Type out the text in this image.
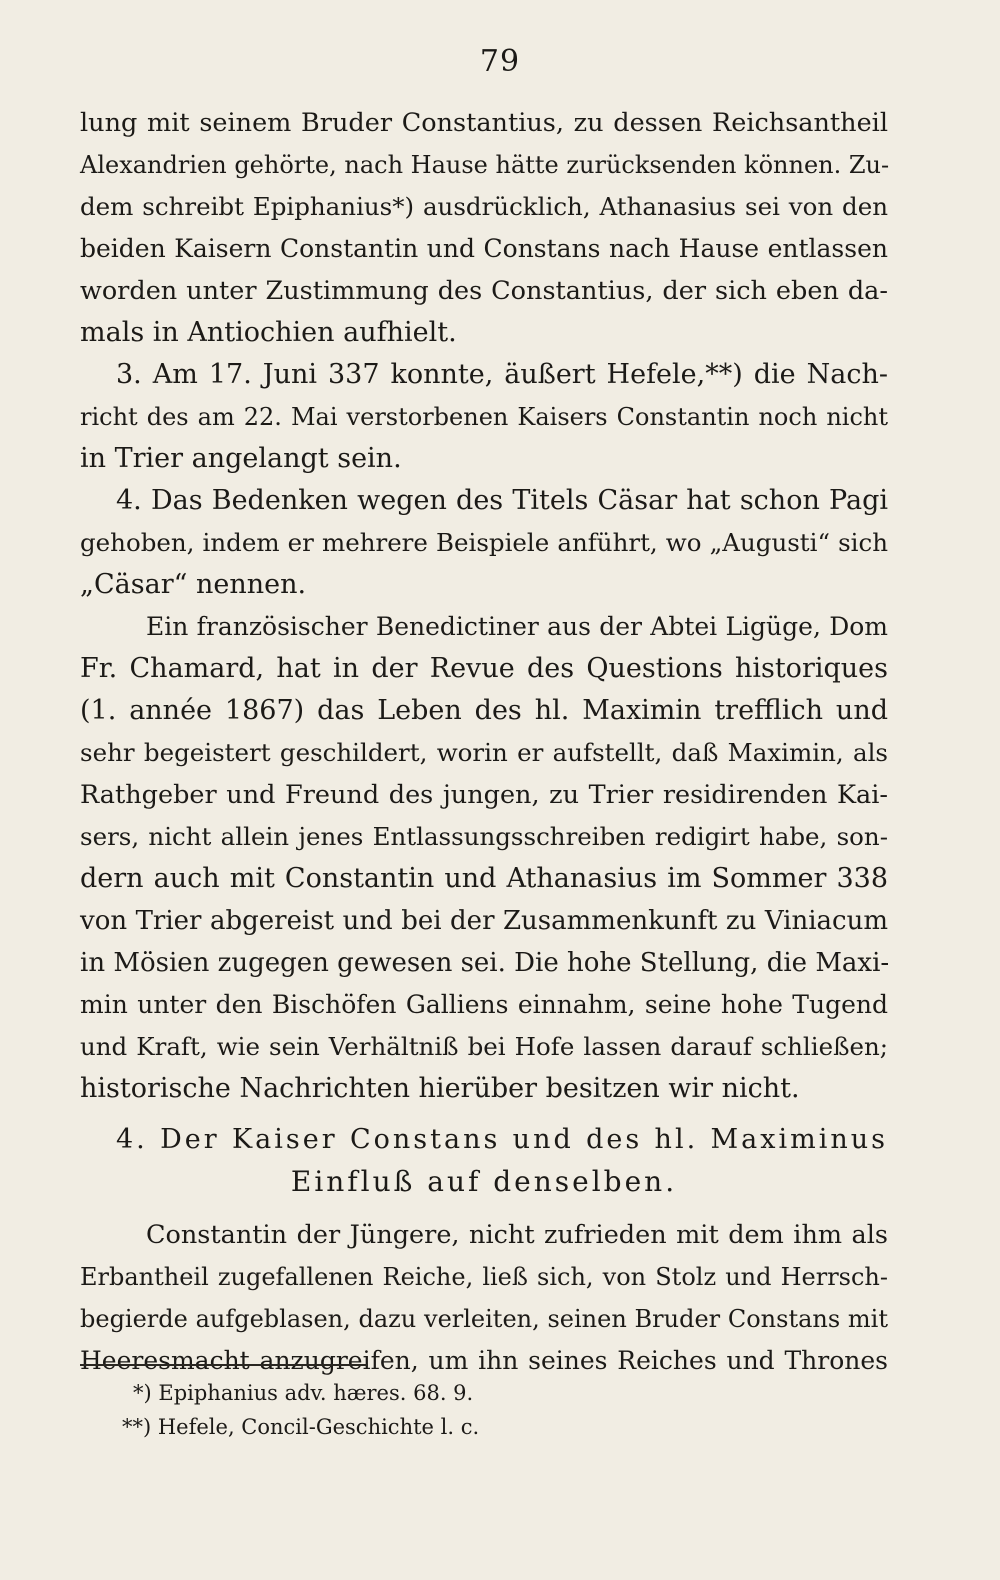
79

lung mit seinem Bruder Constantius, zu dessen Reichsantheil

Alexandrien gehörte, nach Hause hätte zurücksenden können. Zu-

dem schreibt Epiphanius*) ausdrücklich, Athanasius sei von den

beiden Kaisern Constantin und Constans nach Hause entlassen

worden unter Zustimmung des Constantius, der sich eben da-

mals in Antiochien aufhielt.

3. Am 17. Juni 337 konnte, äußert Hefele,**) die Nach-

richt des am 22. Mai verstorbenen Kaisers Constantin noch nicht

in Trier angelangt sein.

4. Das Bedenken wegen des Titels Cäsar hat schon Pagi

gehoben, indem er mehrere Beispiele anführt, wo „Augusti“ sich

„Cäsar“ nennen.

Ein französischer Benedictiner aus der Abtei Ligüge, Dom

Fr. Chamard, hat in der Revue des Questions historiques

(1. année 1867) das Leben des hl. Maximin trefflich und

sehr begeistert geschildert, worin er aufstellt, daß Maximin, als

Rathgeber und Freund des jungen, zu Trier residirenden Kai-

sers, nicht allein jenes Entlassungsschreiben redigirt habe, son-

dern auch mit Constantin und Athanasius im Sommer 338

von Trier abgereist und bei der Zusammenkunft zu Viniacum

in Mösien zugegen gewesen sei. Die hohe Stellung, die Maxi-

min unter den Bischöfen Galliens einnahm, seine hohe Tugend

und Kraft, wie sein Verhältniß bei Hofe lassen darauf schließen;

historische Nachrichten hierüber besitzen wir nicht.

4. Der Kaiser Constans und des hl. Maximinus

Einfluß auf denselben.

Constantin der Jüngere, nicht zufrieden mit dem ihm als

Erbantheil zugefallenen Reiche, ließ sich, von Stolz und Herrsch-

begierde aufgeblasen, dazu verleiten, seinen Bruder Constans mit

Heeresmacht anzugreifen, um ihn seines Reiches und Thrones

*) Epiphanius adv. hæres. 68. 9.

**) Hefele, Concil-Geschichte l. c.
